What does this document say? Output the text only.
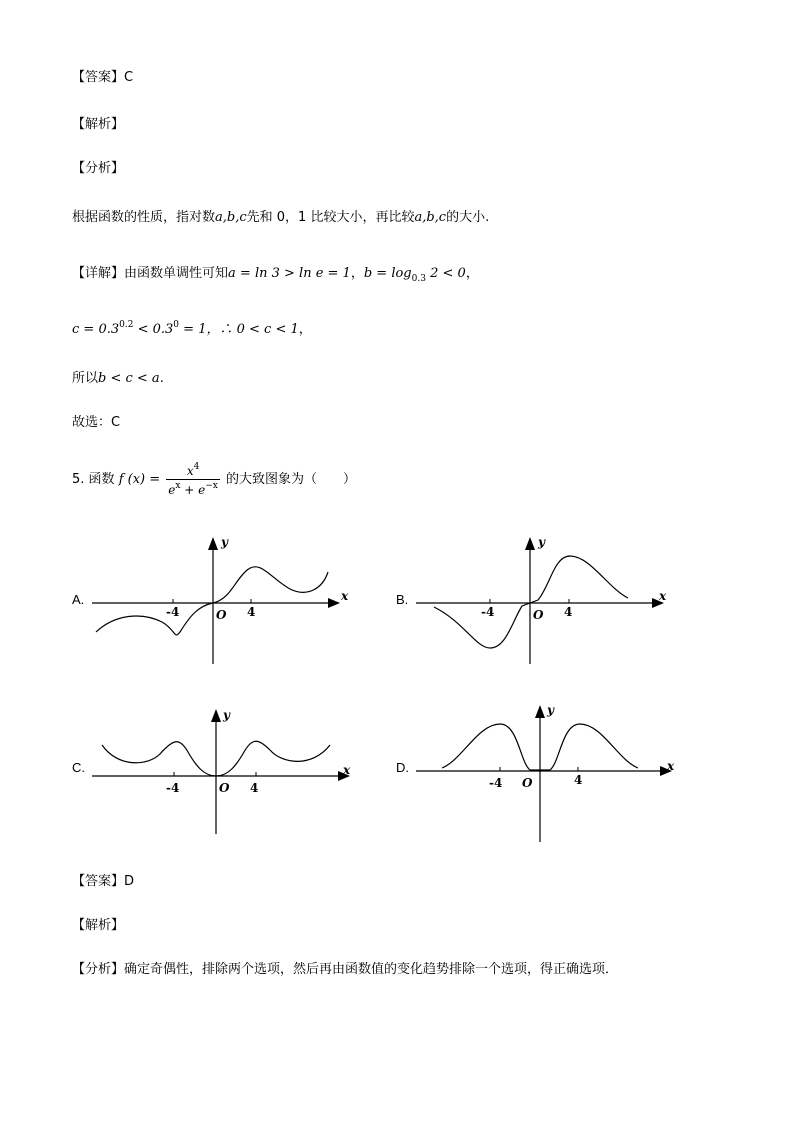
【答案】C
【解析】
【分析】
根据函数的性质，指对数a,b,c先和 0，1 比较大小，再比较a,b,c的大小.
【详解】由函数单调性可知a = ln 3 > ln e = 1，$b = \log_{0.3} 2 < 0$，
$c = 0.3^{0.2} < 0.3^0 = 1$，∴ 0 < c < 1，
所以b < c < a.
故选：C
5. 函数 f $(x) = \frac{x^4}{e^x + e^{-x}}$ 的大致图象为（　　）
A.
y
x
O
-4	4
B.
y
x
O
-4	4
C.
y
x
O
-4	4
D.
y
x
O
-4	4
【答案】D
【解析】
【分析】确定奇偶性，排除两个选项，然后再由函数值的变化趋势排除一个选项，得正确选项．
